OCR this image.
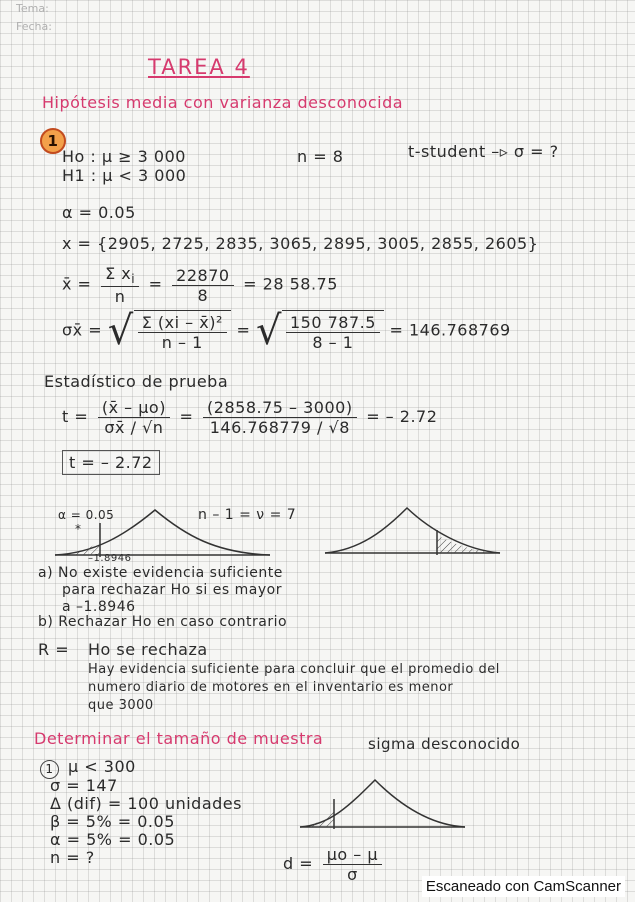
Tema:
Fecha:
TAREA 4
Hipótesis media con varianza desconocida
1
Ho : μ ≥ 3 000
H1 : μ < 3 000
n = 8	t-student –▹ σ = ?
α = 0.05
x = {2905, 2725, 2835, 3065, 2895, 3005, 2855, 2605}
x̄ = $\frac{\Sigma x_i}{n} = \frac{22870}{8} = 28$ 58.75
σx̄ = √ $\frac{\text{Σ (xi – x̄)²}}{n - 1}$ = √ $\frac{150 787.5}{8 - 1} = 146.768769$
Estadístico de prueba
$t = \frac{(x̄ - \mu o)}{\sigma x̄ / √n} = \frac{(2858.75 - 3000)}{146.768779 / √8}$ = – 2.72
t = – 2.72
α = 0.05	n – 1 = ν = 7
*
–1.8946
a) No existe evidencia suficiente
para rechazar Ho si es mayor
a –1.8946
b) Rechazar Ho en caso contrario
R = Ho se rechaza
Hay evidencia suficiente para concluir que el promedio del
numero diario de motores en el inventario es menor
que 3000
Determinar el tamaño de muestra	sigma desconocido
1 μ < 300
σ = 147
Δ (dif) = 100 unidades
β = 5% = 0.05
α = 5% = 0.05
n = ?	$d = \frac{\mu o - \mu}{\sigma}$
Escaneado con CamScanner
